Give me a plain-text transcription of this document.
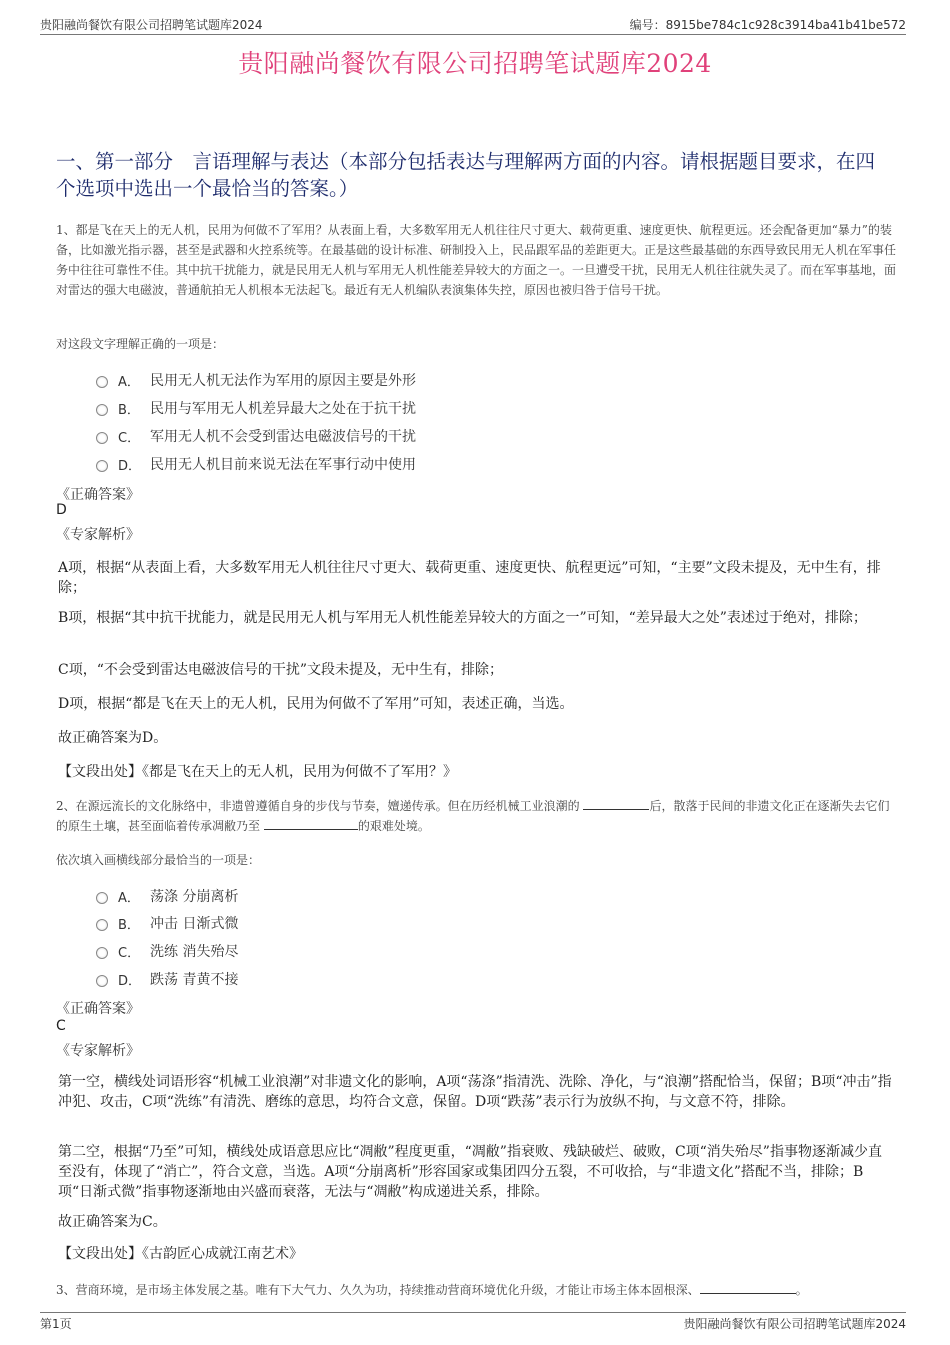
贵阳融尚餐饮有限公司招聘笔试题库2024	编号：8915be784c1c928c3914ba41b41be572
贵阳融尚餐饮有限公司招聘笔试题库2024
一、第一部分　言语理解与表达（本部分包括表达与理解两方面的内容。请根据题目要求，在四个选项中选出一个最恰当的答案。）
1、都是飞在天上的无人机，民用为何做不了军用？从表面上看，大多数军用无人机往往尺寸更大、载荷更重、速度更快、航程更远。还会配备更加“暴力”的装备，比如激光指示器，甚至是武器和火控系统等。在最基础的设计标准、研制投入上，民品跟军品的差距更大。正是这些最基础的东西导致民用无人机在军事任务中往往可靠性不佳。其中抗干扰能力，就是民用无人机与军用无人机性能差异较大的方面之一。一旦遭受干扰，民用无人机往往就失灵了。而在军事基地，面对雷达的强大电磁波，普通航拍无人机根本无法起飞。最近有无人机编队表演集体失控，原因也被归咎于信号干扰。
对这段文字理解正确的一项是：
A． 民用无人机无法作为军用的原因主要是外形
B． 民用与军用无人机差异最大之处在于抗干扰
C． 军用无人机不会受到雷达电磁波信号的干扰
D． 民用无人机目前来说无法在军事行动中使用
《正确答案》
D
《专家解析》
A项，根据“从表面上看，大多数军用无人机往往尺寸更大、载荷更重、速度更快、航程更远”可知，“主要”文段未提及，无中生有，排除；
B项，根据“其中抗干扰能力，就是民用无人机与军用无人机性能差异较大的方面之一”可知，“差异最大之处”表述过于绝对，排除；
C项，“不会受到雷达电磁波信号的干扰”文段未提及，无中生有，排除；
D项，根据“都是飞在天上的无人机，民用为何做不了军用”可知，表述正确，当选。
故正确答案为D。
【文段出处】《都是飞在天上的无人机，民用为何做不了军用？》
2、在源远流长的文化脉络中，非遗曾遵循自身的步伐与节奏，嬗递传承。但在历经机械工业浪潮的	后，散落于民间的非遗文化正在逐渐失去它们的原生土壤，甚至面临着传承凋敝乃至	的艰难处境。
依次填入画横线部分最恰当的一项是：
A． 荡涤 分崩离析
B． 冲击 日渐式微
C． 洗练 消失殆尽
D． 跌荡 青黄不接
《正确答案》
C
《专家解析》
第一空，横线处词语形容“机械工业浪潮”对非遗文化的影响，A项“荡涤”指清洗、洗除、净化，与“浪潮”搭配恰当，保留；B项“冲击”指冲犯、攻击，C项“洗练”有清洗、磨练的意思，均符合文意，保留。D项“跌荡”表示行为放纵不拘，与文意不符，排除。
第二空，根据“乃至”可知，横线处成语意思应比“凋敝”程度更重，“凋敝”指衰败、残缺破烂、破败，C项“消失殆尽”指事物逐渐减少直至没有，体现了“消亡”，符合文意，当选。A项“分崩离析”形容国家或集团四分五裂，不可收拾，与“非遗文化”搭配不当，排除；B项“日渐式微”指事物逐渐地由兴盛而衰落，无法与“凋敝”构成递进关系，排除。
故正确答案为C。
【文段出处】《古韵匠心成就江南艺术》
3、营商环境，是市场主体发展之基。唯有下大气力、久久为功，持续推动营商环境优化升级，才能让市场主体本固根深、	。
第1页	贵阳融尚餐饮有限公司招聘笔试题库2024
